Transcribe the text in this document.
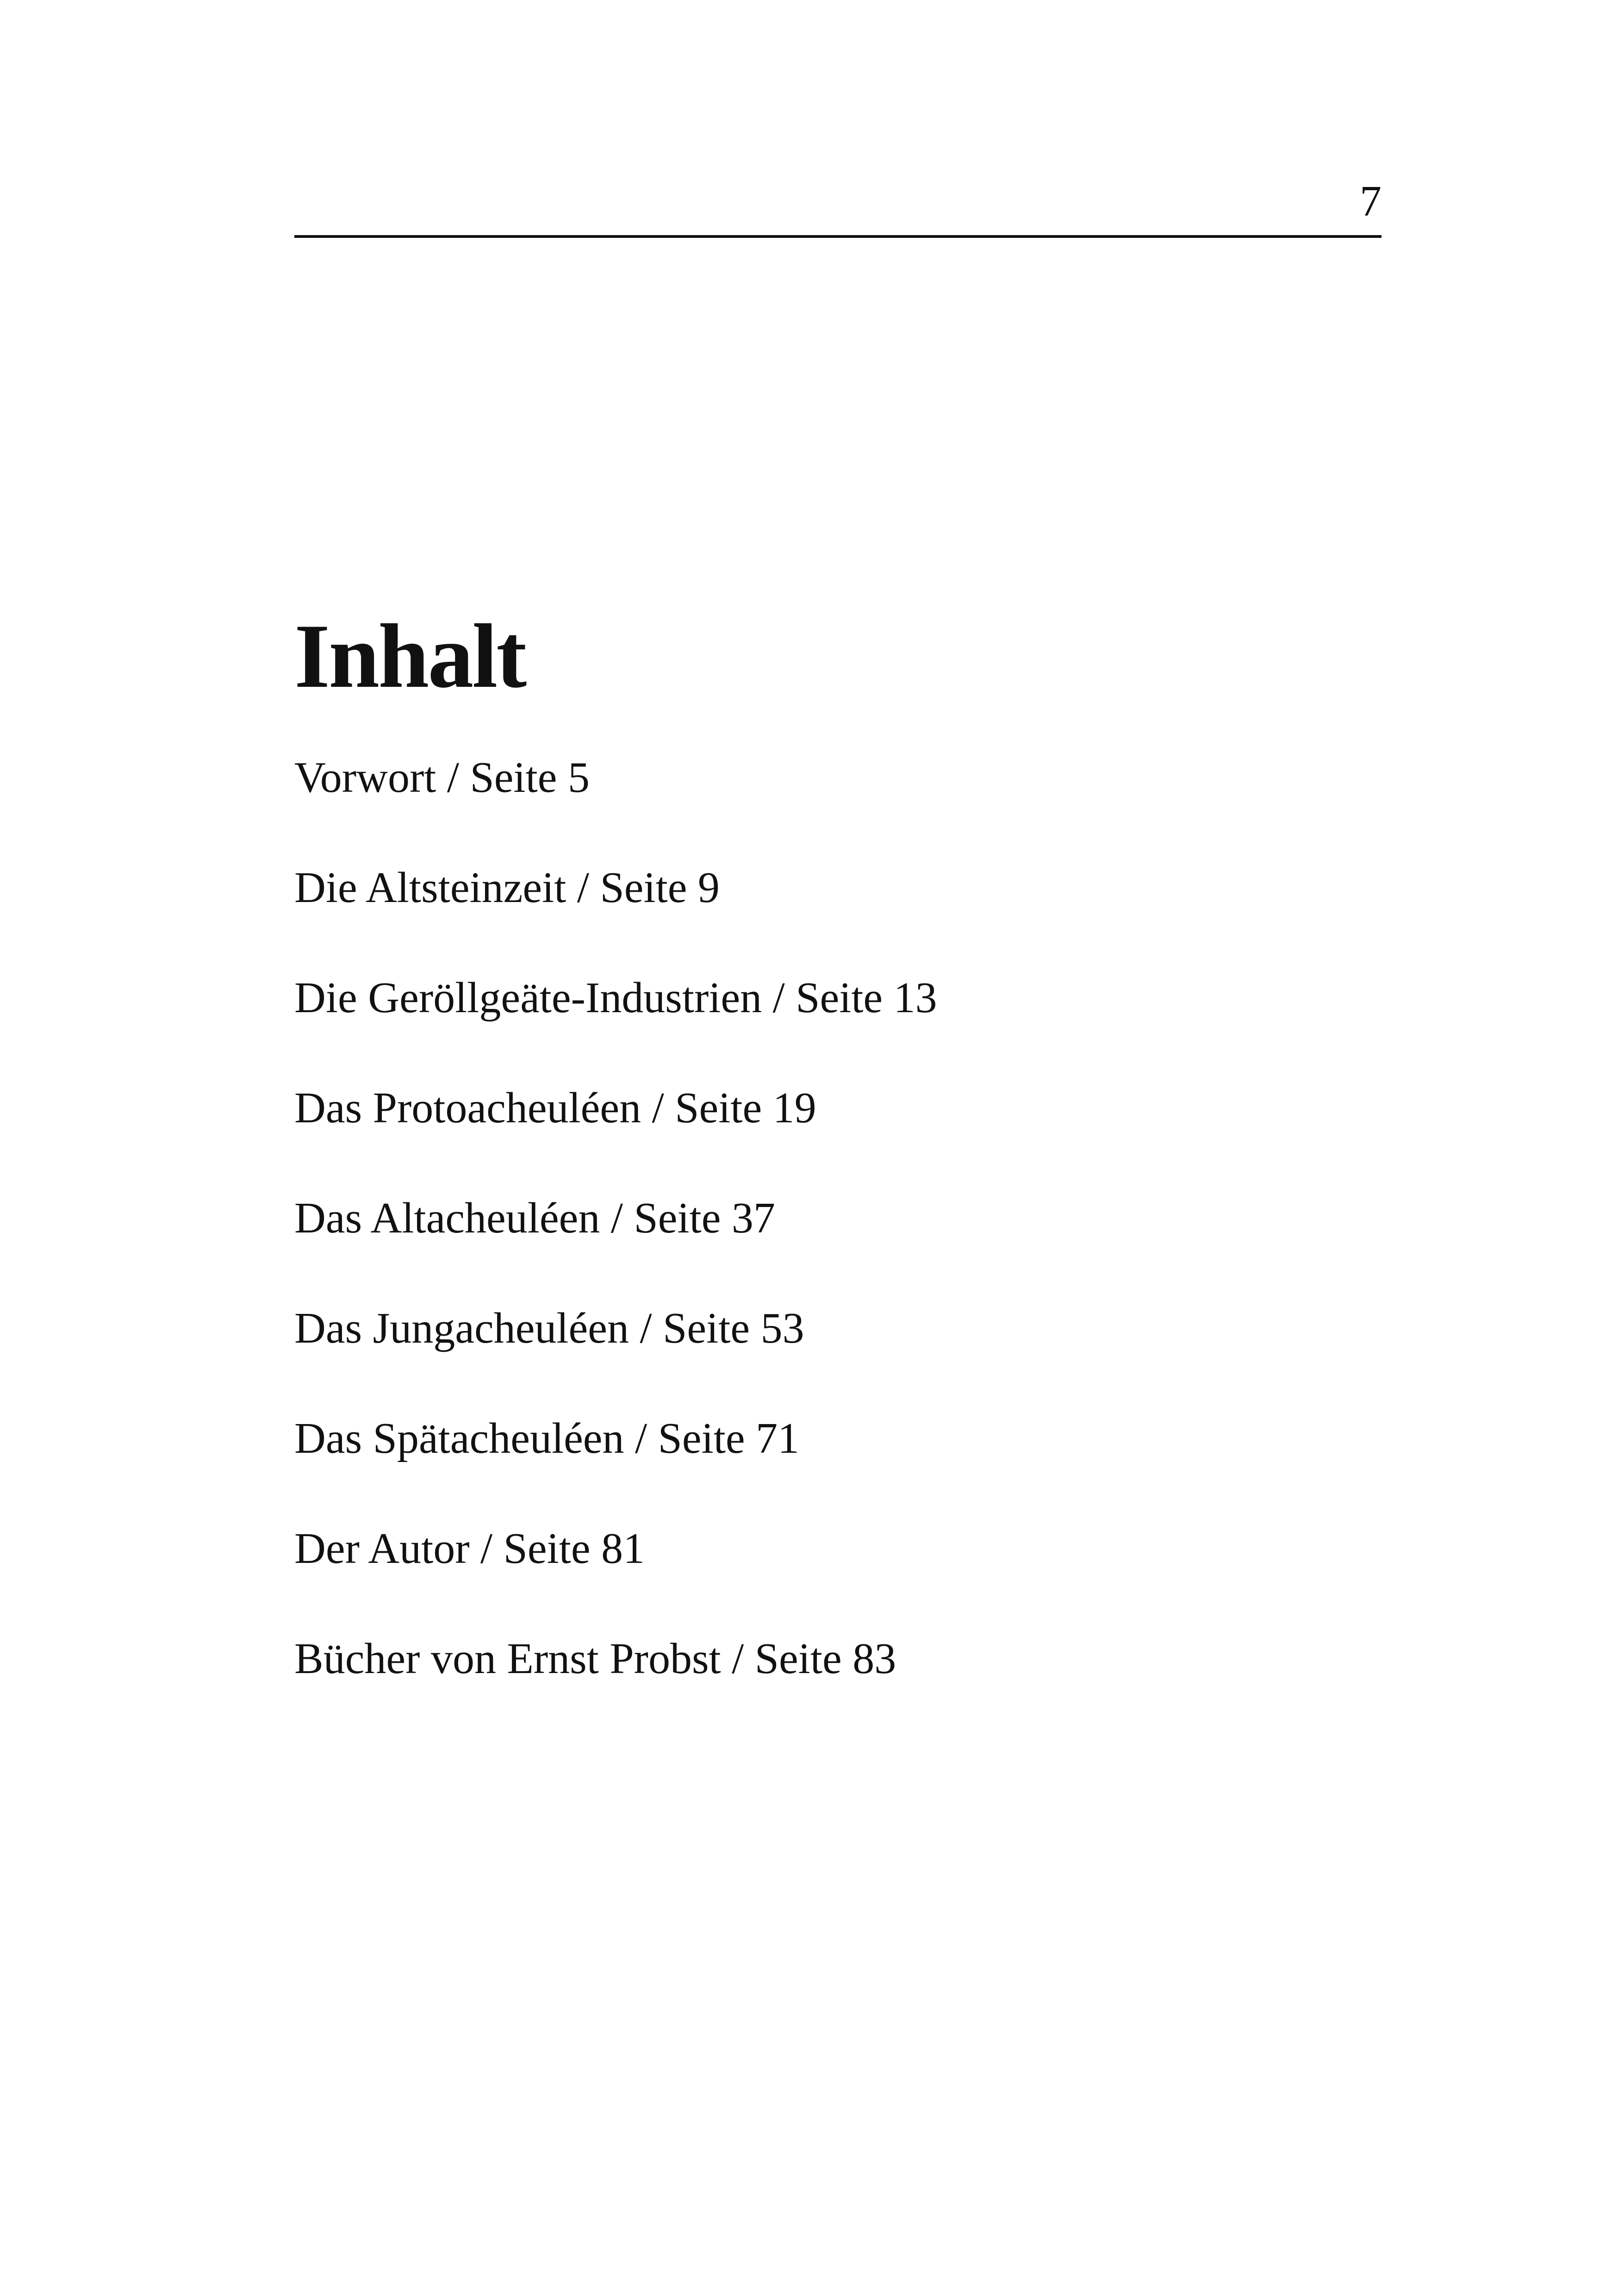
7
Inhalt
Vorwort / Seite 5
Die Altsteinzeit / Seite 9
Die Geröllgeäte-Industrien / Seite 13
Das Protoacheuléen / Seite 19
Das Altacheuléen / Seite 37
Das Jungacheuléen / Seite 53
Das Spätacheuléen / Seite 71
Der Autor / Seite 81
Bücher von Ernst Probst / Seite 83
